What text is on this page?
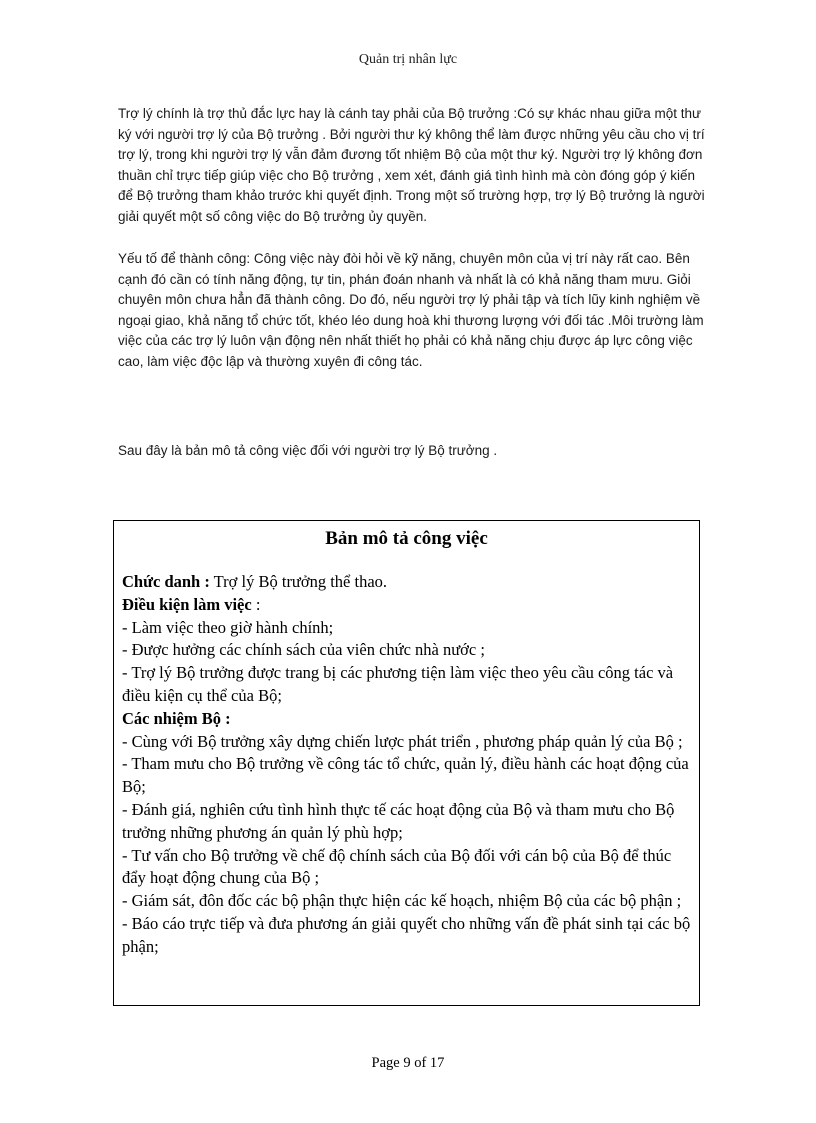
Quản trị nhân lực

Trợ lý chính là trợ thủ đắc lực hay là cánh tay phải của Bộ trưởng :Có sự khác nhau giữa một thư ký với người trợ lý của Bộ trưởng . Bởi người thư ký không thể làm được những yêu cầu cho vị trí trợ lý, trong khi người trợ lý vẫn đảm đương tốt nhiệm Bộ của một thư ký. Người trợ lý không đơn thuần chỉ trực tiếp giúp việc cho Bộ trưởng , xem xét, đánh giá tình hình mà còn đóng góp ý kiến để Bộ trưởng tham khảo trước khi quyết định. Trong một số trường hợp, trợ lý Bộ trưởng là người giải quyết một số công việc do Bộ trưởng ủy quyền.

Yếu tố để thành công: Công việc này đòi hỏi về kỹ năng, chuyên môn của vị trí này rất cao. Bên cạnh đó cần có tính năng động, tự tin, phán đoán nhanh và nhất là có khả năng tham mưu. Giỏi chuyên môn chưa hẳn đã thành công. Do đó, nếu người trợ lý phải tập và tích lũy kinh nghiệm về ngoại giao, khả năng tổ chức tốt, khéo léo dung hoà khi thương lượng với đối tác .Môi trường làm việc của các trợ lý luôn vận động nên nhất thiết họ phải có khả năng chịu được áp lực công việc cao, làm việc độc lập và thường xuyên đi công tác.

Sau đây là bản mô tả công việc đối với người trợ lý Bộ trưởng .

Bản mô tả công việc

Chức danh : Trợ lý Bộ trưởng thể thao.

Điều kiện làm việc :

- Làm việc theo giờ hành chính;

- Được hưởng các chính sách của viên chức nhà nước ;

- Trợ lý Bộ trưởng được trang bị các phương tiện làm việc theo yêu cầu công tác và điều kiện cụ thể của Bộ;

Các nhiệm Bộ :

- Cùng với Bộ trưởng xây dựng chiến lược phát triển , phương pháp quản lý của Bộ ;

- Tham mưu cho Bộ trưởng về công tác tổ chức, quản lý, điều hành các hoạt động của Bộ;

- Đánh giá, nghiên cứu tình hình thực tế các hoạt động của Bộ và tham mưu cho Bộ trưởng những phương án quản lý phù hợp;

- Tư vấn cho Bộ trưởng về chế độ chính sách của Bộ đối với cán bộ của Bộ để thúc đẩy hoạt động chung của Bộ ;

- Giám sát, đôn đốc các bộ phận thực hiện các kế hoạch, nhiệm Bộ của các bộ phận ;

- Báo cáo trực tiếp và đưa phương án giải quyết cho những vấn đề phát sinh tại các bộ phận;

Page 9 of 17
